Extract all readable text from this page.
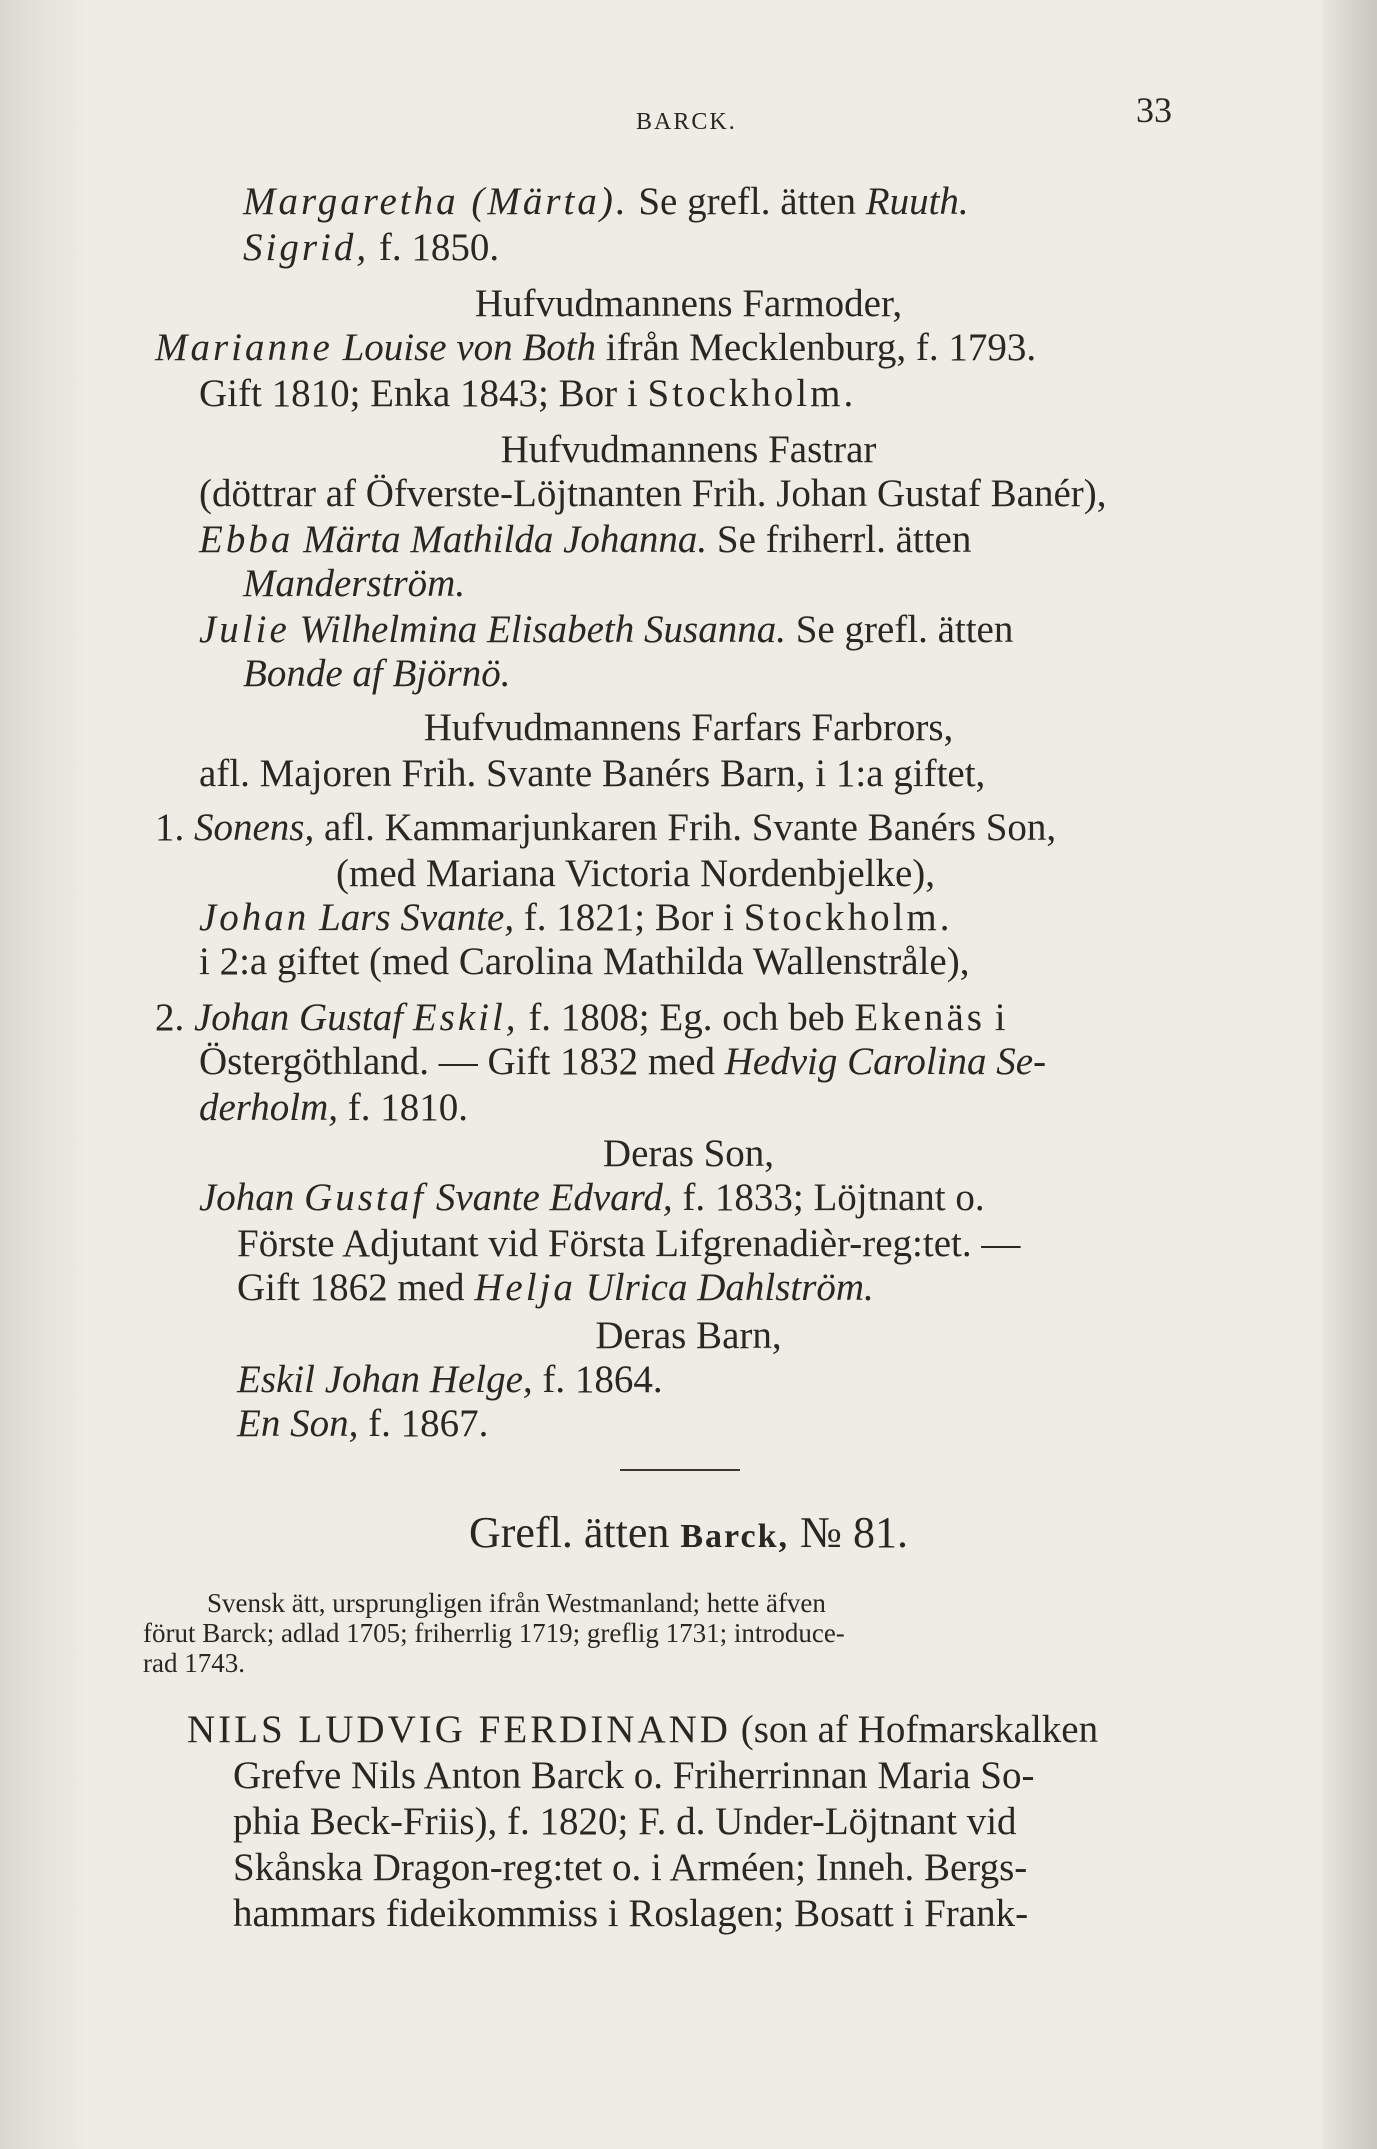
BARCK.	33
Margaretha (Märta). Se grefl. ätten Ruuth.
Sigrid, f. 1850.
Hufvudmannens Farmoder,
Marianne Louise von Both ifrån Mecklenburg, f. 1793.
Gift 1810; Enka 1843; Bor i Stockholm.
Hufvudmannens Fastrar
(döttrar af Öfverste-Löjtnanten Frih. Johan Gustaf Banér),
Ebba Märta Mathilda Johanna. Se friherrl. ätten
Manderström.
Julie Wilhelmina Elisabeth Susanna. Se grefl. ätten
Bonde af Björnö.
Hufvudmannens Farfars Farbrors,
afl. Majoren Frih. Svante Banérs Barn, i 1:a giftet,
1. Sonens, afl. Kammarjunkaren Frih. Svante Banérs Son,
(med Mariana Victoria Nordenbjelke),
Johan Lars Svante, f. 1821; Bor i Stockholm.
i 2:a giftet (med Carolina Mathilda Wallenstråle),
2. Johan Gustaf Eskil, f. 1808; Eg. och beb Ekenäs i
Östergöthland. — Gift 1832 med Hedvig Carolina Se-
derholm, f. 1810.
Deras Son,
Johan Gustaf Svante Edvard, f. 1833; Löjtnant o.
Förste Adjutant vid Första Lifgrenadièr-reg:tet. —
Gift 1862 med Helja Ulrica Dahlström.
Deras Barn,
Eskil Johan Helge, f. 1864.
En Son, f. 1867.
Grefl. ätten Barck, № 81.
Svensk ätt, ursprungligen ifrån Westmanland; hette äfven
förut Barck; adlad 1705; friherrlig 1719; greflig 1731; introduce-
rad 1743.
NILS LUDVIG FERDINAND (son af Hofmarskalken
Grefve Nils Anton Barck o. Friherrinnan Maria So-
phia Beck-Friis), f. 1820; F. d. Under-Löjtnant vid
Skånska Dragon-reg:tet o. i Arméen; Inneh. Bergs-
hammars fideikommiss i Roslagen; Bosatt i Frank-
